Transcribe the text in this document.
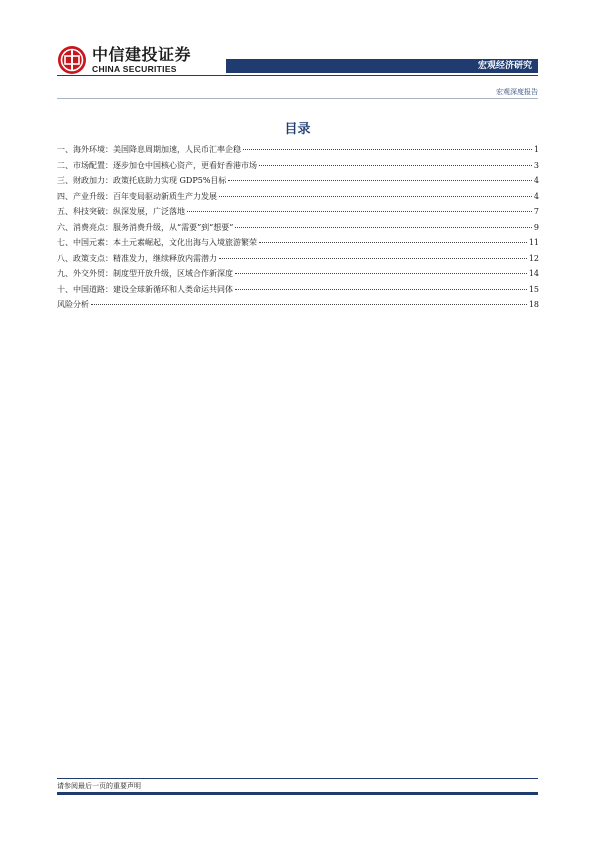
中信建投证券
CHINA SECURITIES	宏观经济研究
宏观深度报告
目录
一、海外环境：美国降息周期加速，人民币汇率企稳	1
二、市场配置：逐步加仓中国核心资产，更看好香港市场	3
三、财政加力：政策托底助力实现 GDP5%目标	4
四、产业升级：百年变局驱动新质生产力发展	4
五、科技突破：纵深发展，广泛落地	7
六、消费亮点：服务消费升级，从“需要”到“想要”	9
七、中国元素：本土元素崛起，文化出海与入境旅游繁荣	11
八、政策支点：精准发力，继续释放内需潜力	12
九、外交外贸：制度型开放升级，区域合作新深度	14
十、中国道路：建设全球新循环和人类命运共同体	15
风险分析	18
请参阅最后一页的重要声明
